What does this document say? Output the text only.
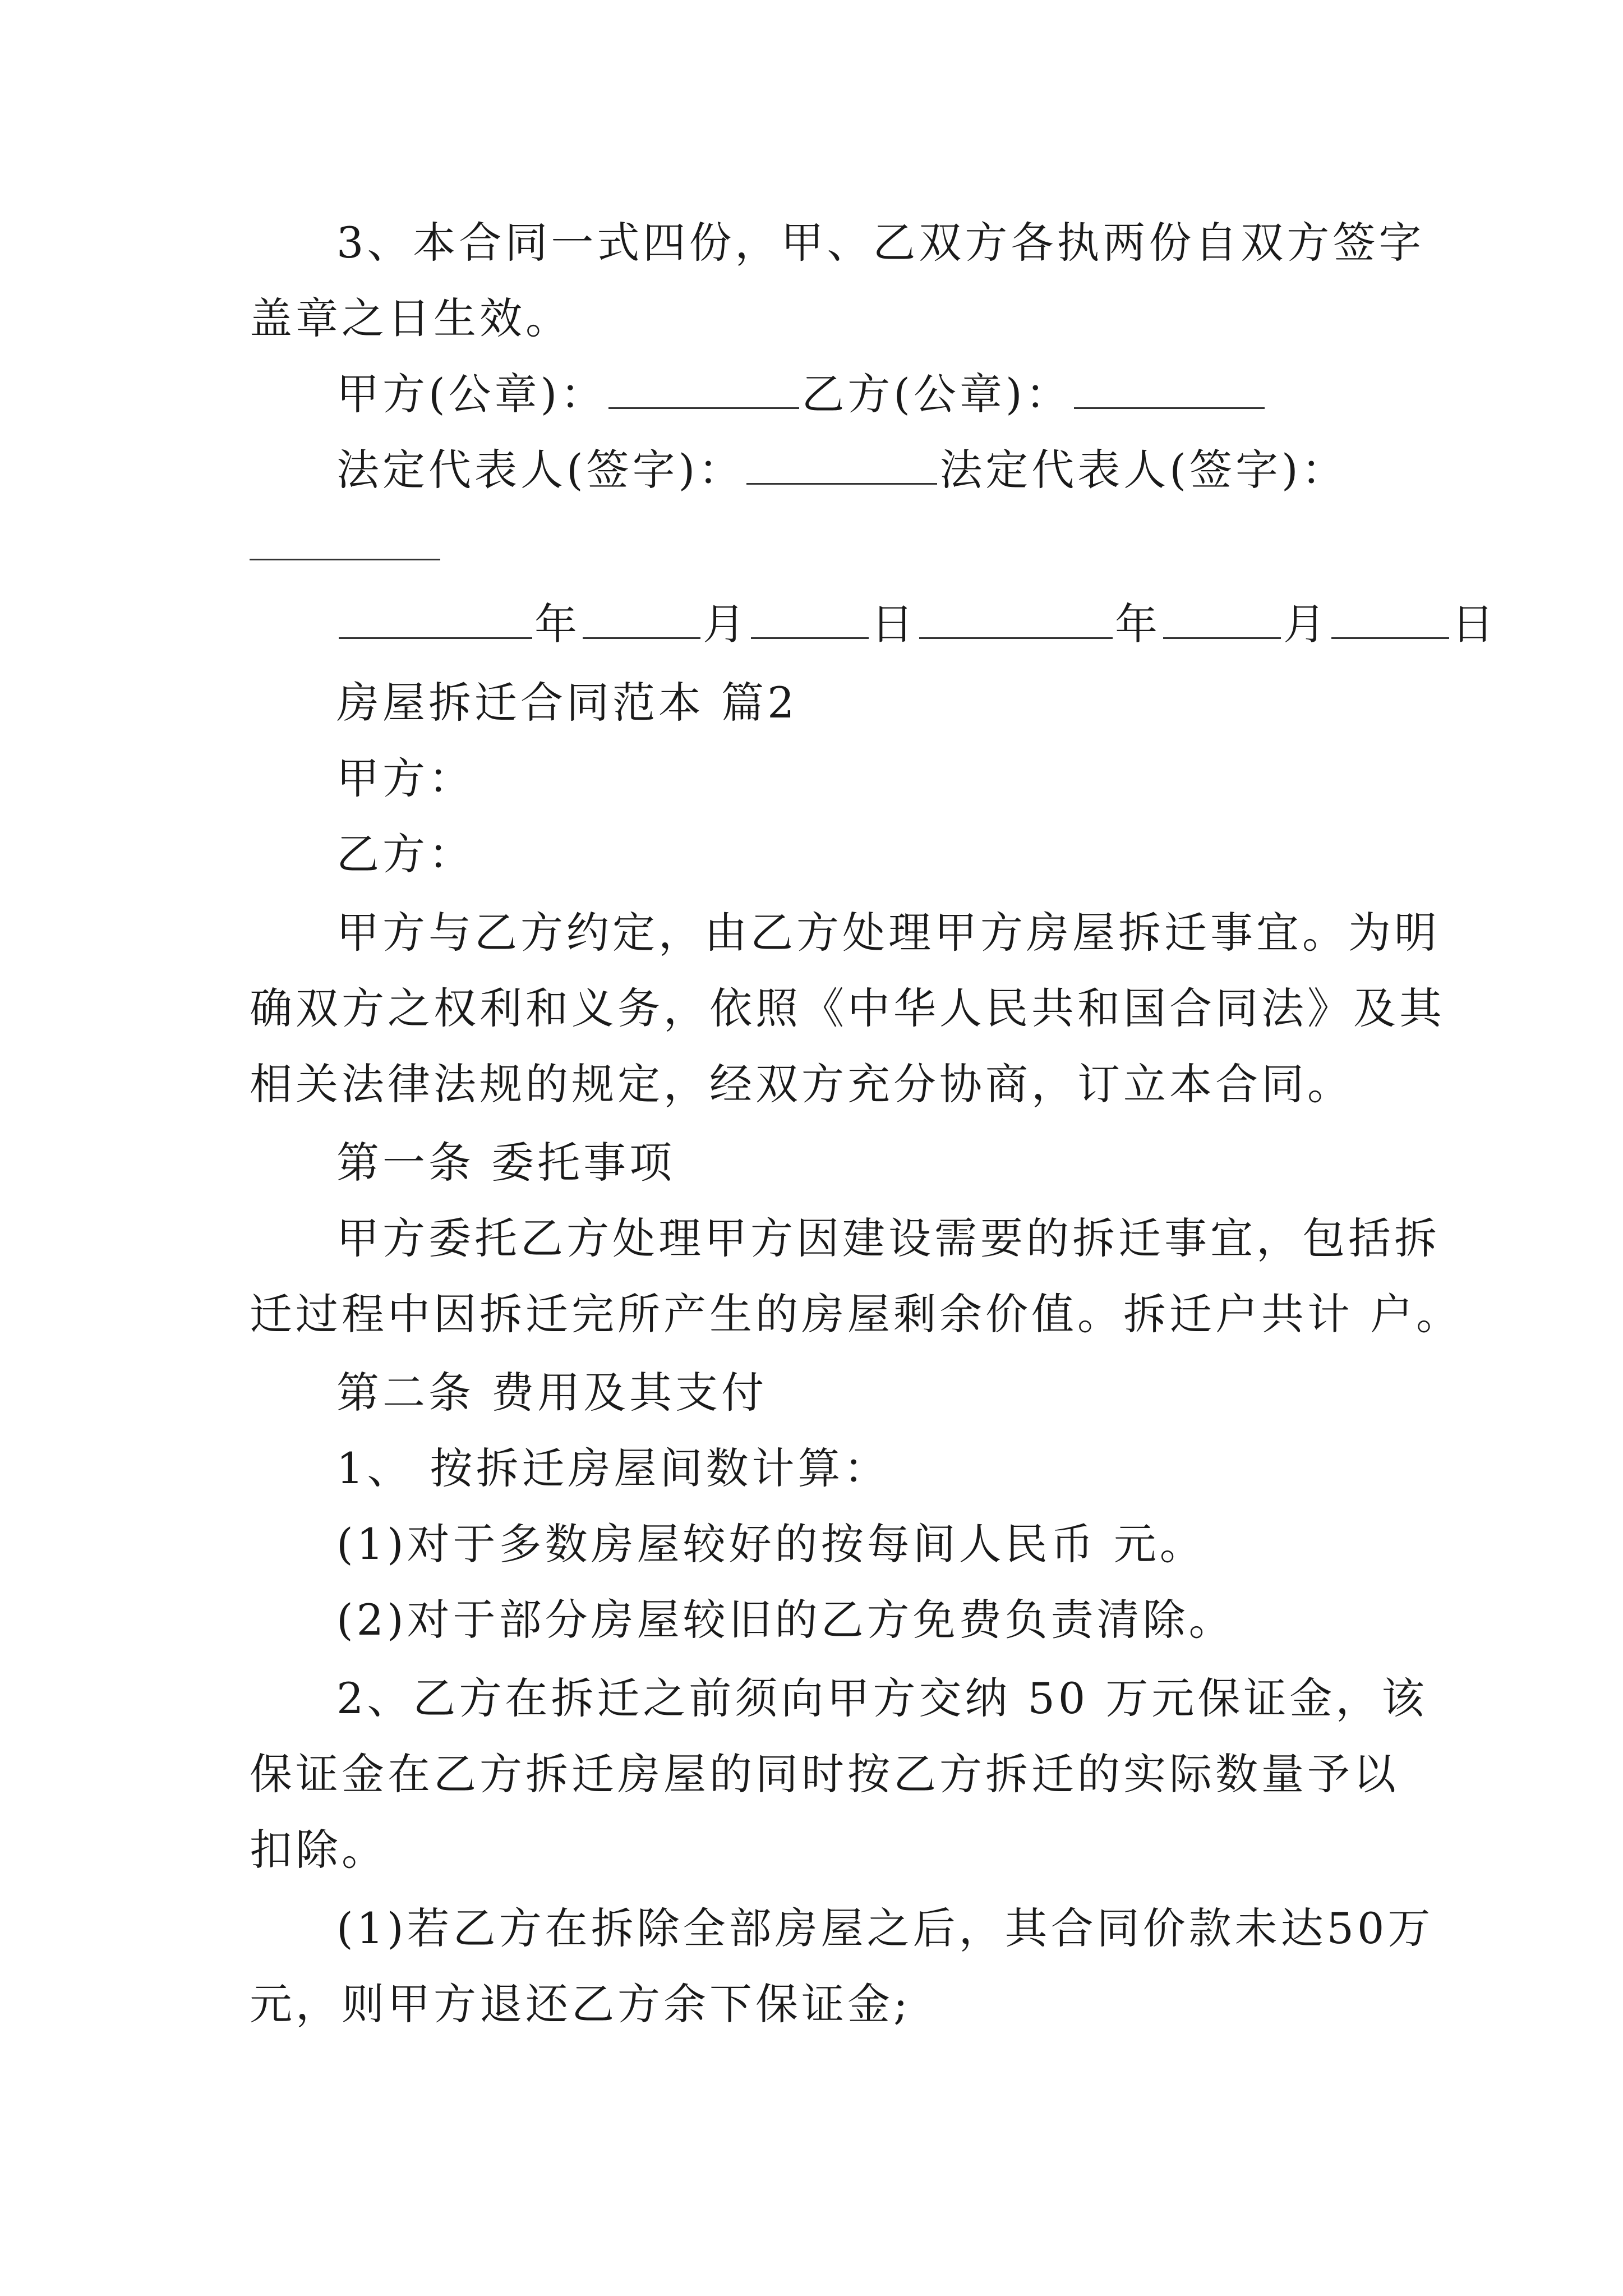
3、本合同一式四份，甲、乙双方各执两份自双方签字
盖章之日生效。
甲方(公章)：	乙方(公章)：
法定代表人(签字)：	法定代表人(签字)：
年	月	日	年	月	日
房屋拆迁合同范本 篇2
甲方：
乙方：
甲方与乙方约定，由乙方处理甲方房屋拆迁事宜。为明
确双方之权利和义务，依照《中华人民共和国合同法》及其
相关法律法规的规定，经双方充分协商，订立本合同。
第一条 委托事项
甲方委托乙方处理甲方因建设需要的拆迁事宜，包括拆
迁过程中因拆迁完所产生的房屋剩余价值。拆迁户共计 户。
第二条 费用及其支付
1、 按拆迁房屋间数计算：
(1)对于多数房屋较好的按每间人民币 元。
(2)对于部分房屋较旧的乙方免费负责清除。
2、乙方在拆迁之前须向甲方交纳 50 万元保证金，该
保证金在乙方拆迁房屋的同时按乙方拆迁的实际数量予以
扣除。
(1)若乙方在拆除全部房屋之后，其合同价款未达50万
元，则甲方退还乙方余下保证金;
